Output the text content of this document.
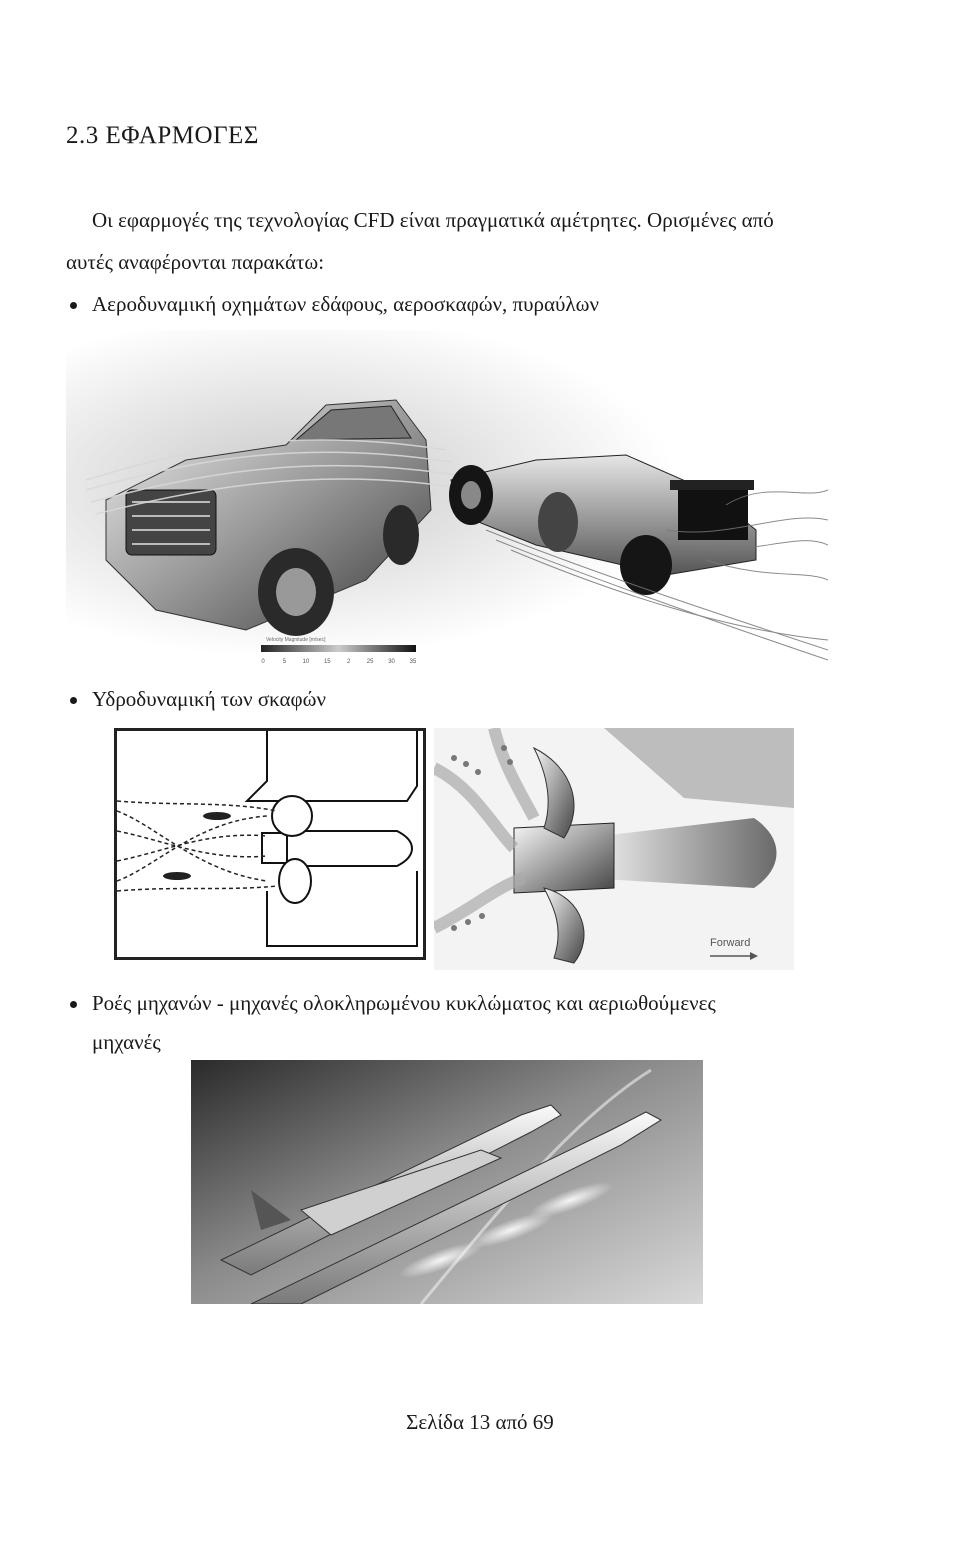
2.3 ΕΦΑΡΜΟΓΕΣ
Οι εφαρμογές της τεχνολογίας CFD είναι πραγματικά αμέτρητες. Ορισμένες από
αυτές αναφέρονται παρακάτω:
Αεροδυναμική οχημάτων εδάφους, αεροσκαφών, πυραύλων
Velocity Magnitude [m/sec]
0	5	10 15	2	25 30 35
Υδροδυναμική των σκαφών
Forward
Ροές μηχανών - μηχανές ολοκληρωμένου κυκλώματος και αεριωθούμενες
μηχανές
Σελίδα 13 από 69
